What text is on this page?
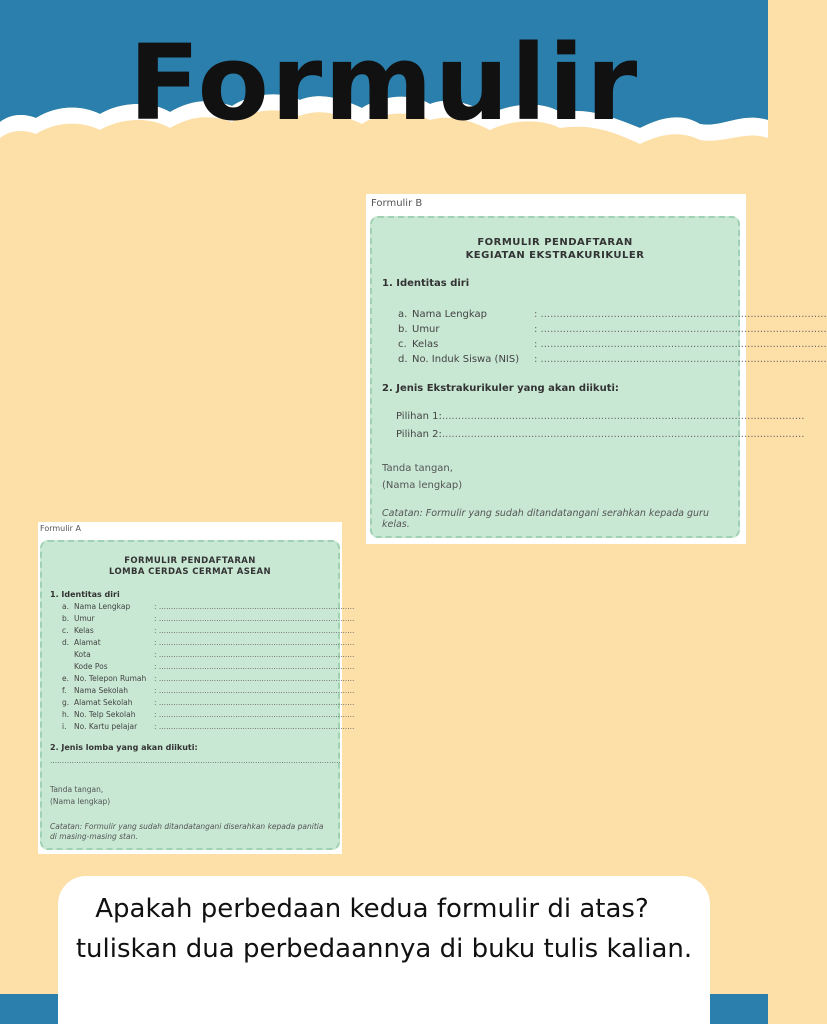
Formulir
Formulir B
FORMULIR PENDAFTARAN
KEGIATAN EKSTRAKURIKULER
1. Identitas diri
a. Nama Lengkap	: ..........................................................................................
b. Umur	: ..........................................................................................
c. Kelas	: ..........................................................................................
d. No. Induk Siswa (NIS)	: ..........................................................................................
2. Jenis Ekstrakurikuler yang akan diikuti:
Pilihan 1: ..................................................................................................................
Pilihan 2: ..................................................................................................................
Tanda tangan,
(Nama lengkap)
Catatan: Formulir yang sudah ditandatangani serahkan kepada guru kelas.
Formulir A
FORMULIR PENDAFTARAN
LOMBA CERDAS CERMAT ASEAN
1. Identitas diri
a. Nama Lengkap	: ..................................................................................
b. Umur	: ..................................................................................
c. Kelas	: ..................................................................................
d. Alamat	: ..................................................................................
Kota	: ..................................................................................
Kode Pos	: ..................................................................................
e. No. Telepon Rumah	: ..................................................................................
f.	Nama Sekolah	: ..................................................................................
g. Alamat Sekolah	: ..................................................................................
h. No. Telp Sekolah	: ..................................................................................
i.	No. Kartu pelajar	: ..................................................................................
2. Jenis lomba yang akan diikuti:
..........................................................................................................................
Tanda tangan,
(Nama lengkap)
Catatan: Formulir yang sudah ditandatangani diserahkan kepada panitia di masing-masing stan.
Apakah perbedaan kedua formulir di atas?
tuliskan dua perbedaannya di buku tulis kalian.
